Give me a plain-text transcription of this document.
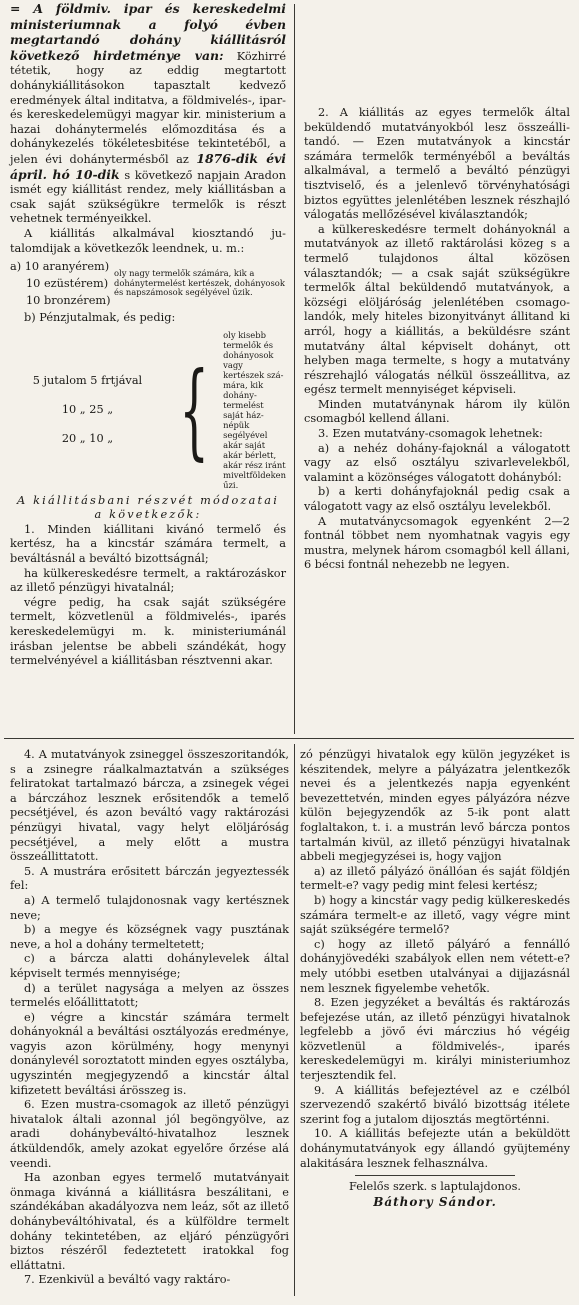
= A földmiv. ipar és kereskedelmi ministeriumnak a folyó évben megtartandó dohány kiállitásról következő hirdetménye van: Közhirré tétetik, hogy az eddig megtartott dohánykiállitásokon tapasztalt kedvező eredmények által inditatva, a földmivelés-, ipar- és kereskedelemügyi magyar kir. ministerium a hazai dohánytermelés előmozditása és a dohánykezelés tökéletesbitése tekintetéből, a jelen évi dohánytermésből az 1876-dik évi ápril. hó 10-dik s következő napjain Aradon ismét egy kiállitást rendez, mely kiállitásban a csak saját szükségükre termelők is részt vehetnek terményeikkel.

A kiállitás alkalmával kiosztandó jutalomdijak a következők leendnek, u. m.:

a) 10 aranyérem)
10 ezüstérem)
10 bronzérem)
oly nagy termelők számára, kik a dohánytermelést kertészek, dohányosok és napszámosok segélyével űzik.

b) Pénzjutalmak, és pedig:

5 jutalom 5 frtjával
10 „ 25 „
20 „ 10 „ {
oly kisebb termelők és dohányosok vagy kertészek számára, kik dohánytermelést saját háznépük segélyével akár saját akár bérlett, akár rész iránt miveltföldeken űzi.

A kiállitásbani részvét módozatai a következők:

1. Minden kiállitani kivánó termelő és kertész, ha a kincstár számára termelt, a beváltásnál a beváltó bizottságnál;

ha külkereskedésre termelt, a raktározáskor az illető pénzügyi hivatalnál;

végre pedig, ha csak saját szükségére termelt, közvetlenül a földmivelés-, iparés kereskedelemügyi m. k. ministeriumánál irásban jelentse be abbeli szándékát, hogy termelvényével a kiállitásban résztvenni akar.

2. A kiállitás az egyes termelők által beküldendő mutatványokból lesz összeállitandó. — Ezen mutatványok a kincstár számára termelők terményéből a beváltás alkalmával, a termelő a beváltó pénzügyi tisztviselő, és a jelenlevő törvényhatósági biztos együttes jelenlétében lesznek részhajló válogatás mellőzésével kiválasztandók;

a külkereskedésre termelt dohányoknál a mutatványok az illető raktárolási közeg s a termelő tulajdonos által közösen választandók; — a csak saját szükségükre termelők által beküldendő mutatványok, a községi elöljáróság jelenlétében csomagolandók, mely hiteles bizonyitványt állitand ki arról, hogy a kiállitás, a beküldésre szánt mutatvány által képviselt dohányt, ott helyben maga termelte, s hogy a mutatvány részrehajló válogatás nélkül összeállitva, az egész termelt mennyiséget képviseli.

Minden mutatványnak három ily külön csomagból kellend állani.

3. Ezen mutatvány-csomagok lehetnek:

a) a nehéz dohány-fajoknál a válogatott vagy az első osztályu szivarlevelekből, valamint a közönséges válogatott dohányból:

b) a kerti dohányfajoknál pedig csak a válogatott vagy az első osztályu levelekből.

A mutatványcsomagok egyenként 2—2 fontnál többet nem nyomhatnak vagyis egy mustra, melynek három csomagból kell állani, 6 bécsi fontnál nehezebb ne legyen.

4. A mutatványok zsineggel összeszoritandók, s a zsinegre ráalkalmaztatván a szükséges feliratokat tartalmazó bárcza, a zsinegek végei a bárczához lesznek erősitendők a temelő pecsétjével, és azon beváltó vagy raktározási pénzügyi hivatal, vagy helyt elöljáróság pecsétjével, a mely előtt a mustra összeállittatott.

5. A mustrára erősitett bárczán jegyeztessék fel:

a) A termelő tulajdonosnak vagy kertésznek neve;

b) a megye és községnek vagy pusztának neve, a hol a dohány termeltetett;

c) a bárcza alatti dohánylevelek által képviselt termés mennyisége;

d) a terület nagysága a melyen az összes termelés előállittatott;

e) végre a kincstár számára termelt dohányoknál a beváltási osztályozás eredménye, vagyis azon körülmény, hogy menynyi donánylevél soroztatott minden egyes osztályba, ugyszintén megjegyzendő a kincstár által kifizetett beváltási árösszeg is.

6. Ezen mustra-csomagok az illető pénzügyi hivatalok általi azonnal jól begöngyölve, az aradi dohánybeváltó-hivatalhoz lesznek átküldendők, amely azokat egyelőre őrzése alá veendi.

Ha azonban egyes termelő mutatványait önmaga kivánná a kiállitásra beszálitani, e szándékában akadályozva nem leáz, sőt az illető dohánybeváltóhivatal, és a külföldre termelt dohány tekintetében, az eljáró pénzügyőri biztos részéről fedeztetett iratokkal fog elláttatni.

7. Ezenkivül a beváltó vagy raktáro-

zó pénzügyi hivatalok egy külön jegyzéket is készitendek, melyre a pályázatra jelentkezők nevei és a jelentkezés napja egyenként bevezettetvén, minden egyes pályázóra nézve külön bejegyzendők az 5-ik pont alatt foglaltakon, t. i. a mustrán levő bárcza pontos tartalmán kivül, az illető pénzügyi hivatalnak abbeli megjegyzései is, hogy vajjon

a) az illető pályázó önállóan és saját földjén termelt-e? vagy pedig mint felesi kertész;

b) hogy a kincstár vagy pedig külkereskedés számára termelt-e az illető, vagy végre mint saját szükségére termelő?

c) hogy az illető pályáró a fennálló dohányjövedéki szabályok ellen nem vétett-e? mely utóbbi esetben utalványai a dijjazásnál nem lesznek figyelembe vehetők.

8. Ezen jegyzéket a beváltás és raktározás befejezése után, az illető pénzügyi hivatalnok legfelebb a jövő évi márczius hó végéig közvetlenül a földmivelés-, iparés kereskedelemügyi m. királyi ministeriumhoz terjesztendik fel.

9. A kiállitás befejeztével az e czélból szervezendő szakértő biváló bizottság itélete szerint fog a jutalom dijosztás megtörténni.

10. A kiállitás befejezte után a beküldött dohánymutatványok egy állandó gyüjtemény alakitására lesznek felhasználva.

Felelős szerk. s laptulajdonos.
Báthory Sándor.
